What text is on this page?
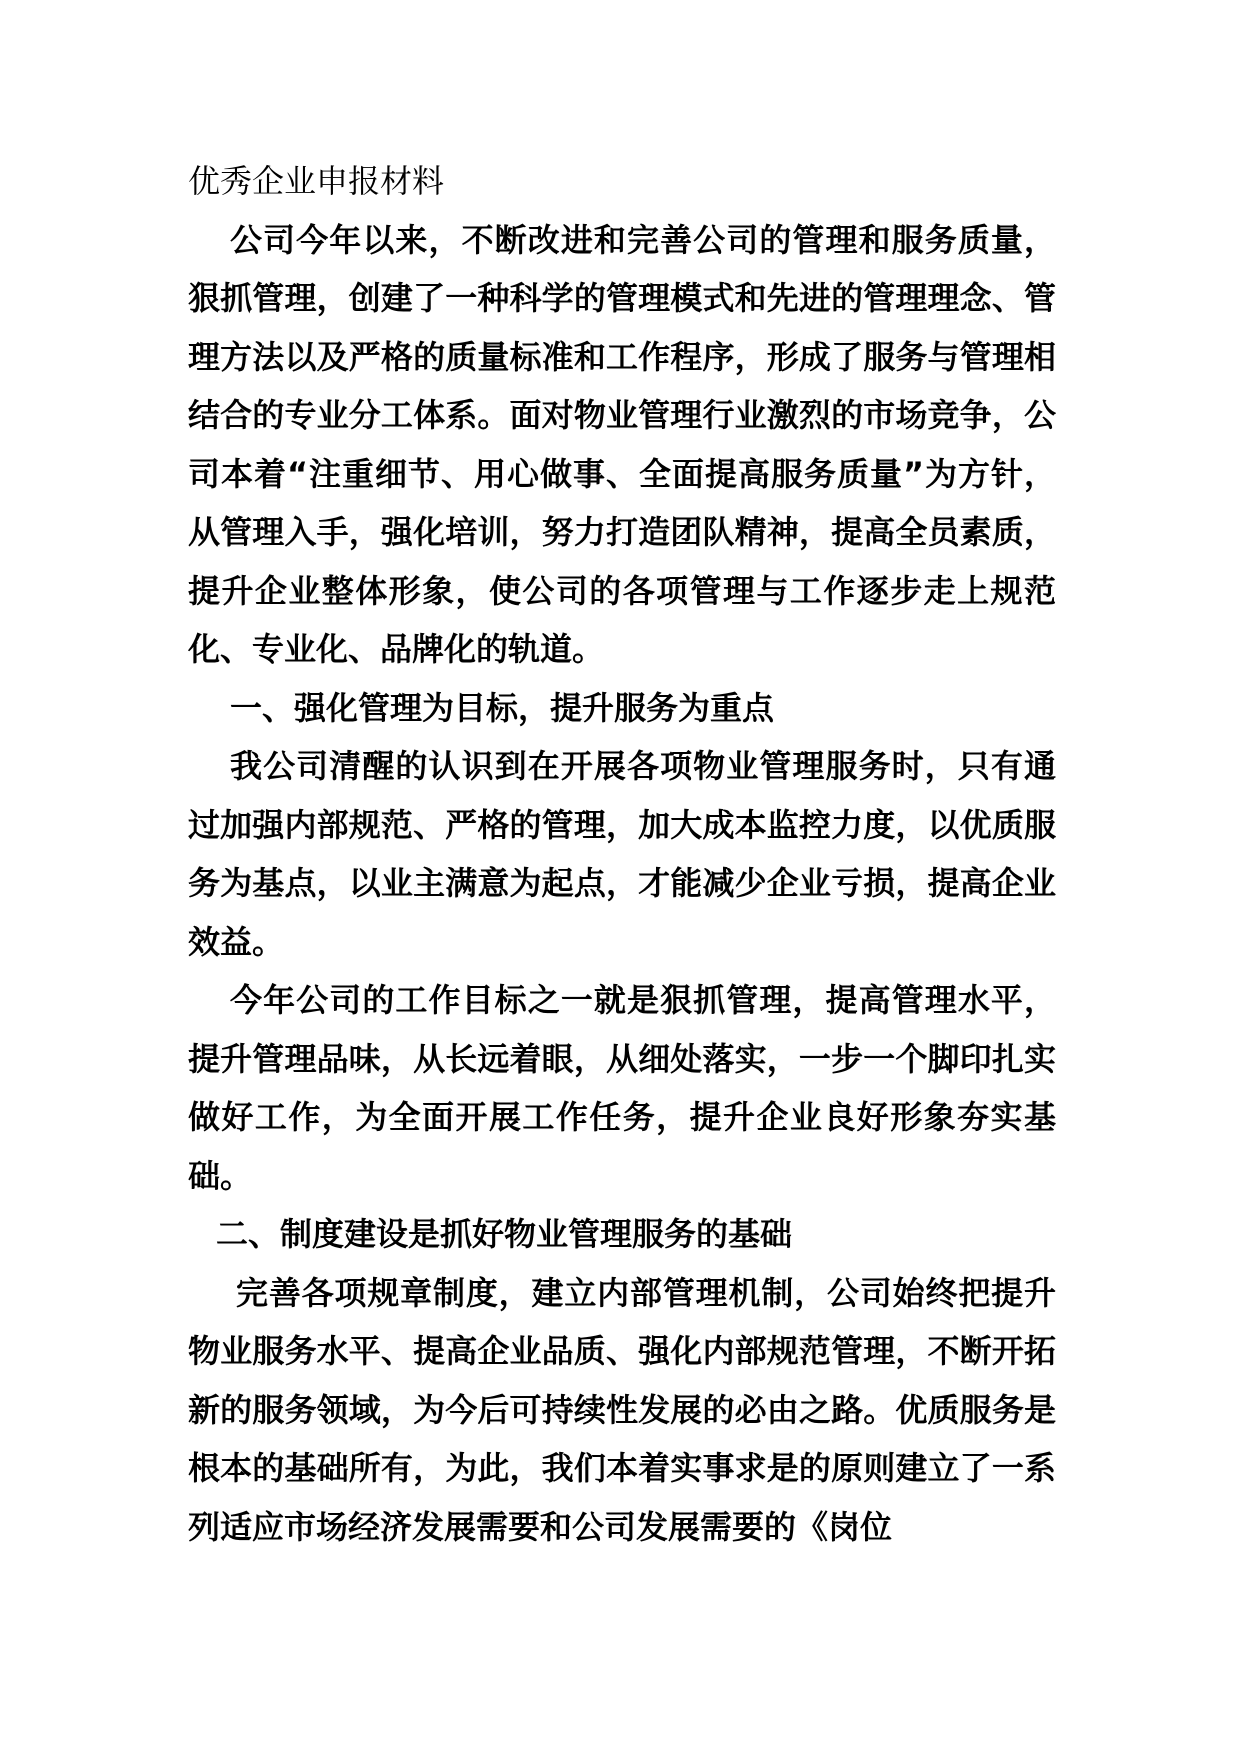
优秀企业申报材料

公司今年以来，不断改进和完善公司的管理和服务质量，狠抓管理，创建了一种科学的管理模式和先进的管理理念、管理方法以及严格的质量标准和工作程序，形成了服务与管理相结合的专业分工体系。面对物业管理行业激烈的市场竞争，公司本着“注重细节、用心做事、全面提高服务质量”为方针，从管理入手，强化培训，努力打造团队精神，提高全员素质，提升企业整体形象，使公司的各项管理与工作逐步走上规范化、专业化、品牌化的轨道。

一、强化管理为目标，提升服务为重点

我公司清醒的认识到在开展各项物业管理服务时，只有通过加强内部规范、严格的管理，加大成本监控力度，以优质服务为基点，以业主满意为起点，才能减少企业亏损，提高企业效益。

今年公司的工作目标之一就是狠抓管理，提高管理水平，提升管理品味，从长远着眼，从细处落实，一步一个脚印扎实做好工作，为全面开展工作任务，提升企业良好形象夯实基础。

二、制度建设是抓好物业管理服务的基础

完善各项规章制度，建立内部管理机制，公司始终把提升物业服务水平、提高企业品质、强化内部规范管理，不断开拓新的服务领域，为今后可持续性发展的必由之路。优质服务是根本的基础所有，为此，我们本着实事求是的原则建立了一系列适应市场经济发展需要和公司发展需要的《岗位
